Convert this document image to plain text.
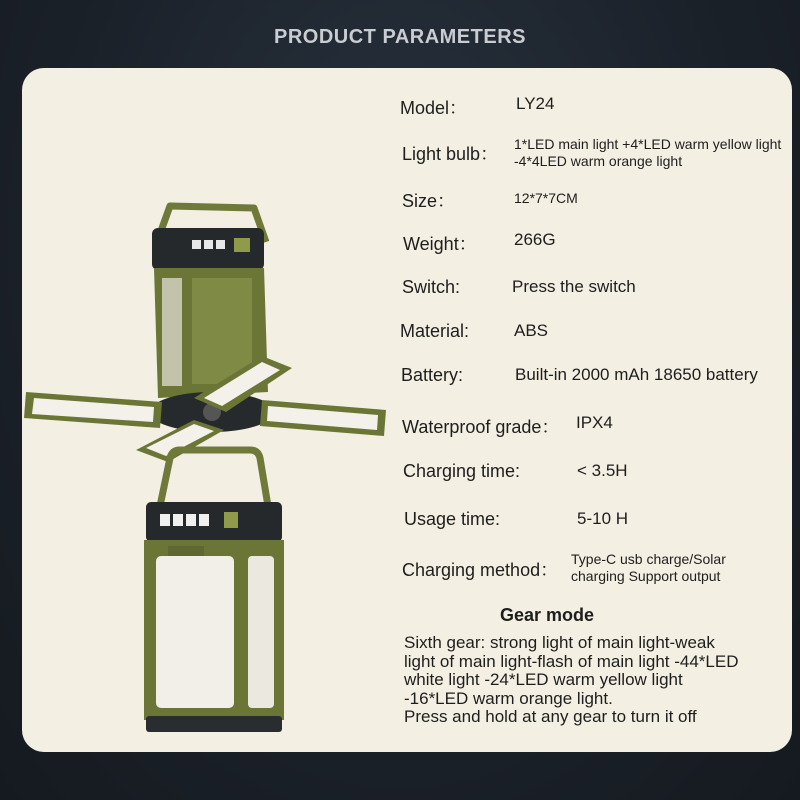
PRODUCT PARAMETERS
Model：	LY24
Light bulb： 1*LED main light +4*LED warm yellow light -4*4LED warm orange light
Size：	12*7*7CM
Weight： 266G
Switch:	Press the switch
Material:	ABS
Battery:	Built-in 2000 mAh 18650 battery
Waterproof grade： IPX4
Charging time:	< 3.5H
Usage time:	5-10 H
Charging method：
Type-C usb charge/Solar charging Support output
Gear mode
Sixth gear: strong light of main light-weak
light of main light-flash of main light -44*LED
white light -24*LED warm yellow light
-16*LED warm orange light.
Press and hold at any gear to turn it off
